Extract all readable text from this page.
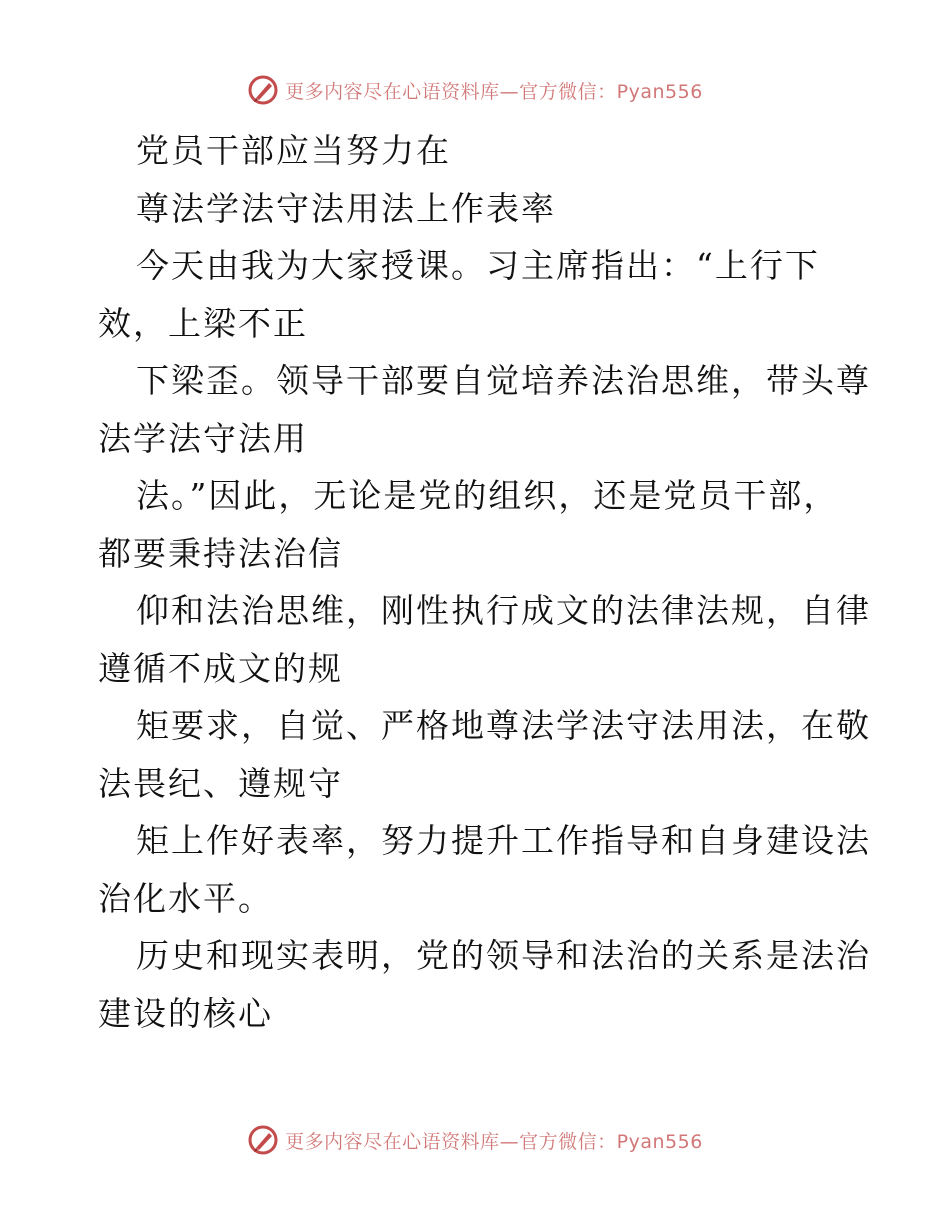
更多内容尽在心语资料库—官方微信：Pyan556
党员干部应当努力在
尊法学法守法用法上作表率
今天由我为大家授课。习主席指出：“上行下
效，上梁不正
下梁歪。领导干部要自觉培养法治思维，带头尊
法学法守法用
法。”因此，无论是党的组织，还是党员干部，
都要秉持法治信
仰和法治思维，刚性执行成文的法律法规，自律
遵循不成文的规
矩要求，自觉、严格地尊法学法守法用法，在敬
法畏纪、遵规守
矩上作好表率，努力提升工作指导和自身建设法
治化水平。
历史和现实表明，党的领导和法治的关系是法治
建设的核心
更多内容尽在心语资料库—官方微信：Pyan556
